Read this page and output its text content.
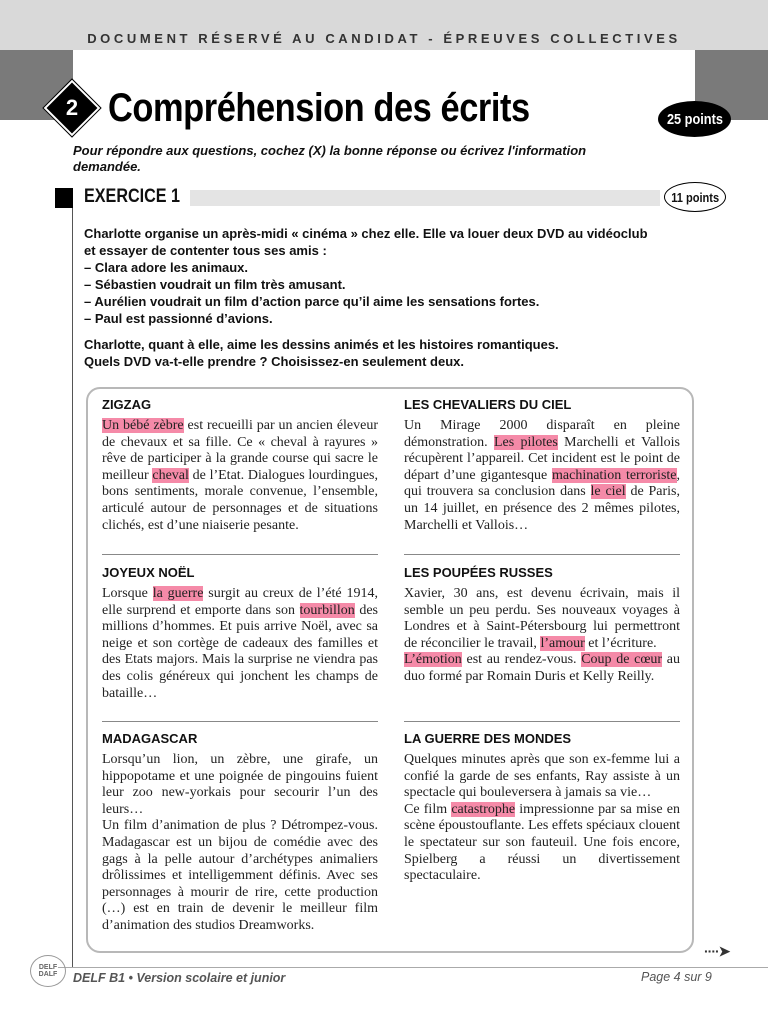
DOCUMENT RÉSERVÉ AU CANDIDAT - ÉPREUVES COLLECTIVES
2 Compréhension des écrits	25 points
Pour répondre aux questions, cochez (X) la bonne réponse ou écrivez l'information
demandée.
EXERCICE 1	11 points

Charlotte organise un après-midi « cinéma » chez elle. Elle va louer deux DVD au vidéoclub

et essayer de contenter tous ses amis :

– Clara adore les animaux.

– Sébastien voudrait un film très amusant.

– Aurélien voudrait un film d’action parce qu’il aime les sensations fortes.

– Paul est passionné d’avions.

Charlotte, quant à elle, aime les dessins animés et les histoires romantiques.

Quels DVD va-t-elle prendre ? Choisissez-en seulement deux.

ZIGZAG
Un bébé zèbre est recueilli par un ancien éleveur de chevaux et sa fille. Ce « cheval à rayures » rêve de participer à la grande course qui sacre le meilleur cheval de l’Etat. Dialogues lourdingues, bons sentiments, morale convenue, l’ensemble, articulé autour de personnages et de situations clichés, est d’une niaiserie pesante.
LES CHEVALIERS DU CIEL
Un Mirage 2000 disparaît en pleine démonstration. Les pilotes Marchelli et Vallois récupèrent l’appareil. Cet incident est le point de départ d’une gigantesque machination terroriste, qui trouvera sa conclusion dans le ciel de Paris, un 14 juillet, en présence des 2 mêmes pilotes, Marchelli et Vallois…
JOYEUX NOËL
Lorsque la guerre surgit au creux de l’été 1914, elle surprend et emporte dans son tourbillon des millions d’hommes. Et puis arrive Noël, avec sa neige et son cortège de cadeaux des familles et des Etats majors. Mais la surprise ne viendra pas des colis généreux qui jonchent les champs de bataille…
LES POUPÉES RUSSES
Xavier, 30 ans, est devenu écrivain, mais il semble un peu perdu. Ses nouveaux voyages à Londres et à Saint-Pétersbourg lui permettront de réconcilier le travail, l’amour et l’écriture.
L’émotion est au rendez-vous. Coup de cœur au duo formé par Romain Duris et Kelly Reilly.
MADAGASCAR
Lorsqu’un lion, un zèbre, une girafe, un hippopotame et une poignée de pingouins fuient leur zoo new-yorkais pour secourir l’un des leurs…
Un film d’animation de plus ? Détrompez-vous. Madagascar est un bijou de comédie avec des gags à la pelle autour d’archétypes animaliers drôlissimes et intelligemment définis. Avec ses personnages à mourir de rire, cette production (…) est en train de devenir le meilleur film d’animation des studios Dreamworks.
LA GUERRE DES MONDES
Quelques minutes après que son ex-femme lui a confié la garde de ses enfants, Ray assiste à un spectacle qui bouleversera à jamais sa vie…
Ce film catastrophe impressionne par sa mise en scène époustouflante. Les effets spéciaux clouent le spectateur sur son fauteuil. Une fois encore, Spielberg a réussi un divertissement spectaculaire.
····➤
DELF DALF	DELF B1 • Version scolaire et junior	Page 4 sur 9
